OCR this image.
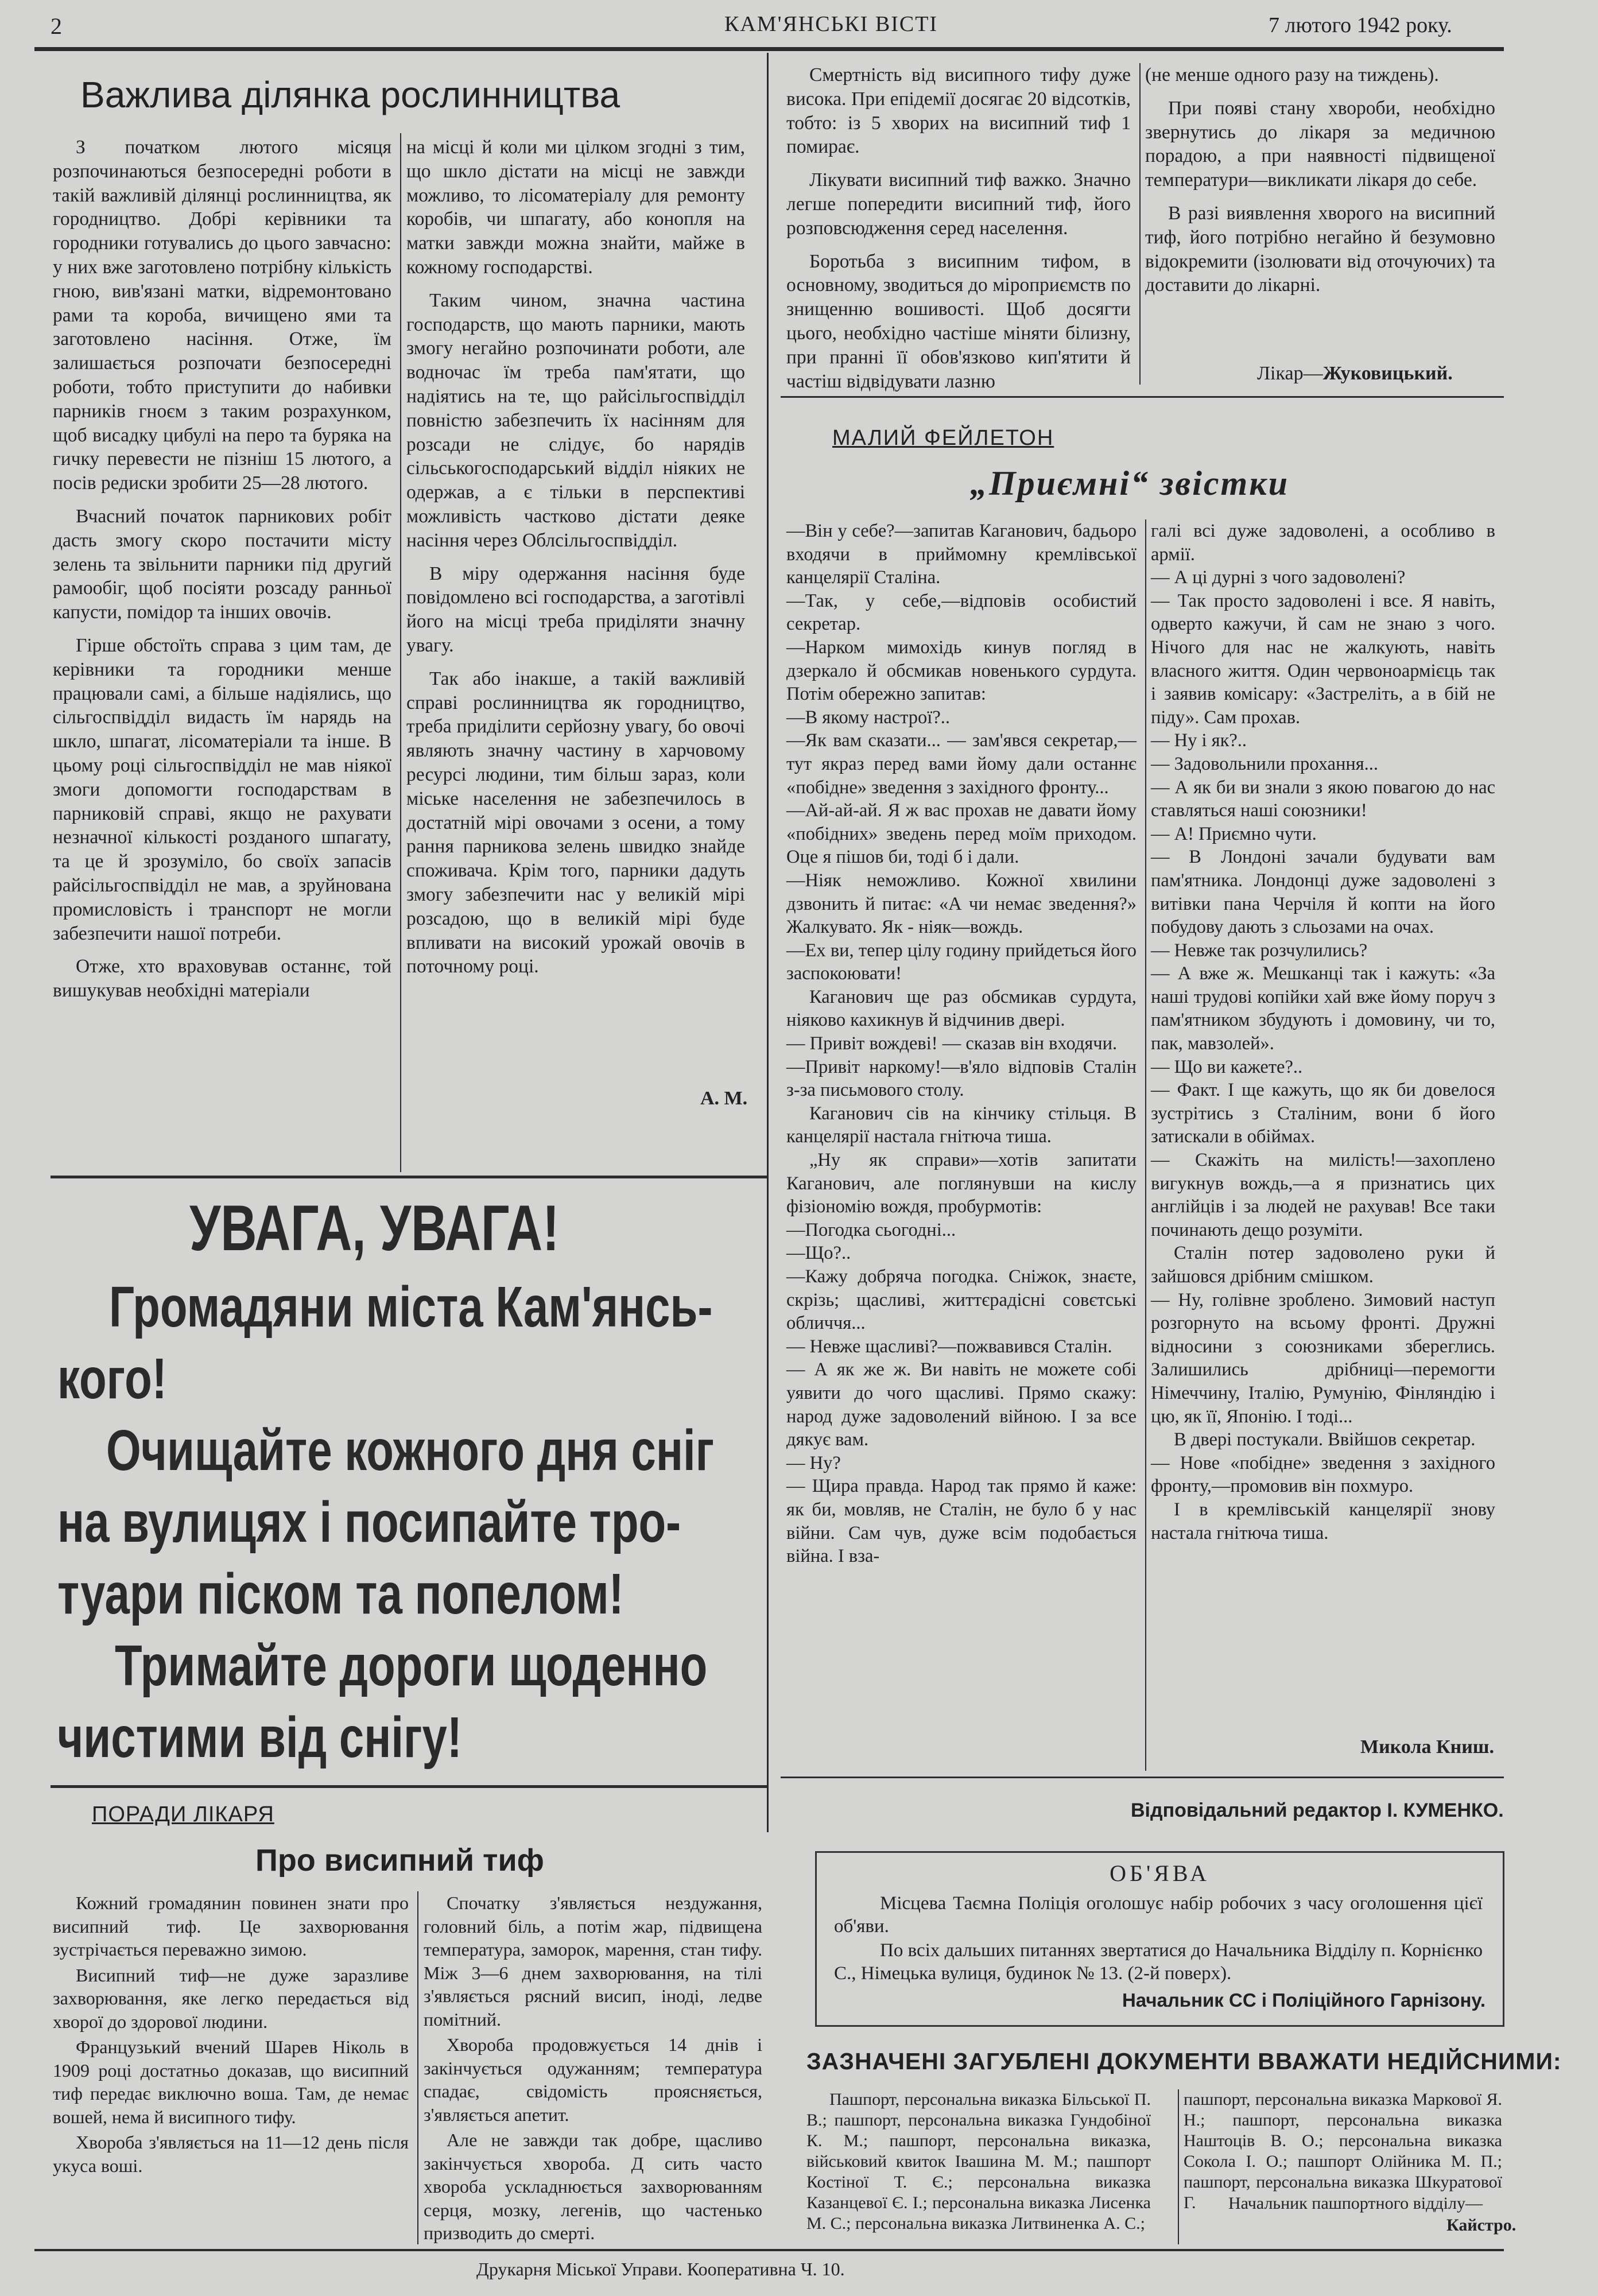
2	КАМ'ЯНСЬКІ ВІСТІ	7 лютого 1942 року.
Важлива ділянка рослинництва

З початком лютого місяця розпочинаються безпосередні роботи в такій важливій ділянці рослинництва, як городництво. Добрі керівники та городники готувались до цього завчасно: у них вже заготовлено потрібну кількість гною, вив'язані матки, відремонтовано рами та короба, вичищено ями та заготовлено насіння. Отже, їм залишається розпочати безпосередні роботи, тобто приступити до набивки парників гноєм з таким розрахунком, щоб висадку цибулі на перо та буряка на гичку перевести не пізніш 15 лютого, а посів редиски зробити 25—28 лютого.

Вчасний початок парникових робіт дасть змогу скоро постачити місту зелень та звільнити парники під другий рамообіг, щоб посіяти розсаду ранньої капусти, помідор та інших овочів.

Гірше обстоїть справа з цим там, де керівники та городники менше працювали самі, а більше надіялись, що сільгоспвідділ видасть їм нарядь на шкло, шпагат, лісоматеріали та інше. В цьому році сільгоспвідділ не мав ніякої змоги допомогти господарствам в парниковій справі, якщо не рахувати незначної кількості розданого шпагату, та це й зрозуміло, бо своїх запасів райсільгоспвідділ не мав, а зруйнована промисловість і транспорт не могли забезпечити нашої потреби.

Отже, хто враховував останнє, той вишукував необхідні матеріали

на місці й коли ми цілком згодні з тим, що шкло дістати на місці не завжди можливо, то лісоматеріалу для ремонту коробів, чи шпагату, або конопля на матки завжди можна знайти, майже в кожному господарстві.

Таким чином, значна частина господарств, що мають парники, мають змогу негайно розпочинати роботи, але водночас їм треба пам'ятати, що надіятись на те, що райсільгоспвідділ повністю забезпечить їх насінням для розсади не слідує, бо нарядів сільськогосподарський відділ ніяких не одержав, а є тільки в перспективі можливість частково дістати деяке насіння через Облсільгоспвідділ.

В міру одержання насіння буде повідомлено всі господарства, а заготівлі його на місці треба приділяти значну увагу.

Так або інакше, а такій важливій справі рослинництва як городництво, треба приділити серйозну увагу, бо овочі являють значну частину в харчовому ресурсі людини, тим більш зараз, коли міське населення не забезпечилось в достатній мірі овочами з осени, а тому рання парникова зелень швидко знайде споживача. Крім того, парники дадуть змогу забезпечити нас у великій мірі розсадою, що в великій мірі буде впливати на високий урожай овочів в поточному році.

А. М.

Смертність від висипного тифу дуже висока. При епідемії досягає 20 відсотків, тобто: із 5 хворих на висипний тиф 1 помирає.

Лікувати висипний тиф важко. Значно легше попередити висипний тиф, його розповсюдження серед населення.

Боротьба з висипним тифом, в основному, зводиться до міроприємств по знищенню вошивості. Щоб досягти цього, необхідно частіше міняти білизну, при пранні її обов'язково кип'ятити й частіш відвідувати лазню

(не менше одного разу на тиждень).

При появі стану хвороби, необхідно звернутись до лікаря за медичною порадою, а при наявності підвищеної температури—викликати лікаря до себе.

В разі виявлення хворого на висипний тиф, його потрібно негайно й безумовно відокремити (ізолювати від оточуючих) та доставити до лікарні.

Лікар—Жуковицький.
МАЛИЙ ФЕЙЛЕТОН
„Приємні“ звістки

—Він у себе?—запитав Каганович, бадьоро входячи в приймомну кремлівської канцелярії Сталіна.

—Так, у себе,—відповів особистий секретар.

—Нарком мимохідь кинув погляд в дзеркало й обсмикав новенького сурдута. Потім обережно запитав:

—В якому настрої?..

—Як вам сказати... — зам'явся секретар,—тут якраз перед вами йому дали останнє «побідне» зведення з західного фронту...

—Ай-ай-ай. Я ж вас прохав не давати йому «побідних» зведень перед моїм приходом. Оце я пішов би, тоді б і дали.

—Ніяк неможливо. Кожної хвилини дзвонить й питає: «А чи немає зведення?» Жалкувато. Як - ніяк—вождь.

—Ех ви, тепер цілу годину прийдеться його заспокоювати!

Каганович ще раз обсмикав сурдута, ніяково кахикнув й відчинив двері.

— Привіт вождеві! — сказав він входячи.

—Привіт наркому!—в'яло відповів Сталін з-за письмового столу.

Каганович сів на кінчику стільця. В канцелярії настала гнітюча тиша.

„Ну як справи»—хотів запитати Каганович, але поглянувши на кислу фізіономію вождя, пробурмотів:

—Погодка сьогодні...

—Що?..

—Кажу добряча погодка. Сніжок, знаєте, скрізь; щасливі, життєрадісні совєтські обличчя...

— Невже щасливі?—пожвавився Сталін.

— А як же ж. Ви навіть не можете собі уявити до чого щасливі. Прямо скажу: народ дуже задоволений війною. І за все дякує вам.

— Ну?

— Щира правда. Народ так прямо й каже: як би, мовляв, не Сталін, не було б у нас війни. Сам чув, дуже всім подобається війна. І вза-

галі всі дуже задоволені, а особливо в армії.

— А ці дурні з чого задоволені?

— Так просто задоволені і все. Я навіть, одверто кажучи, й сам не знаю з чого. Нічого для нас не жалкують, навіть власного життя. Один червоноармієць так і заявив комісару: «Застреліть, а в бій не піду». Сам прохав.

— Ну і як?..

— Задовольнили прохання...

— А як би ви знали з якою повагою до нас ставляться наші союзники!

— А! Приємно чути.

— В Лондоні зачали будувати вам пам'ятника. Лондонці дуже задоволені з витівки пана Черчіля й копти на його побудову дають з сльозами на очах.

— Невже так розчулились?

— А вже ж. Мешканці так і кажуть: «За наші трудові копійки хай вже йому поруч з пам'ятником збудують і домовину, чи то, пак, мавзолей».

— Що ви кажете?..

— Факт. І ще кажуть, що як би довелося зустрітись з Сталіним, вони б його затискали в обіймах.

— Скажіть на милість!—захоплено вигукнув вождь,—а я признатись цих англійців і за людей не рахував! Все таки починають дещо розуміти.

Сталін потер задоволено руки й зайшовся дрібним смішком.

— Ну, голівне зроблено. Зимовий наступ розгорнуто на всьому фронті. Дружні відносини з союзниками збереглись. Залишились дрібниці—перемогти Німеччину, Італію, Румунію, Фінляндію і цю, як її, Японію. І тоді...

В двері постукали. Ввійшов секретар.

— Нове «побідне» зведення з західного фронту,—промовив він похмуро.

І в кремлівській канцелярії знову настала гнітюча тиша.

Микола Книш.
УВАГА, УВАГА!
Громадяни міста Кам'янсь-
кого!
Очищайте кожного дня сніг
на вулицях і посипайте тро-
туари піском та попелом!
Тримайте дороги щоденно
чистими від снігу!
ПОРАДИ ЛІКАРЯ
Про висипний тиф

Кожний громадянин повинен знати про висипний тиф. Це захворювання зустрічається переважно зимою.

Висипний тиф—не дуже заразливе захворювання, яке легко передається від хворої до здорової людини.

Французький вчений Шарев Ніколь в 1909 році достатньо доказав, що висипний тиф передає виключно воша. Там, де немає вошей, нема й висипного тифу.

Хвороба з'являється на 11—12 день після укуса воші.

Спочатку з'являється нездужання, головний біль, а потім жар, підвищена температура, заморок, марення, стан тифу. Між 3—6 днем захворювання, на тілі з'являється рясний висип, іноді, ледве помітний.

Хвороба продовжується 14 днів і закінчується одужанням; температура спадає, свідомість проясняється, з'являється апетит.

Але не завжди так добре, щасливо закінчується хвороба. Д сить часто хвороба ускладнюється захворюванням серця, мозку, легенів, що частенько призводить до смерті.

Відповідальний редактор І. КУМЕНКО.
ОБ'ЯВА
Місцева Таємна Поліція оголошує набір робочих з часу оголошення цієї об'яви.
По всіх дальших питаннях звертатися до Начальника Відділу п. Корнієнко С., Німецька вулиця, будинок № 13. (2-й поверх).
Начальник СС і Поліційного Гарнізону.
ЗАЗНАЧЕНІ ЗАГУБЛЕНІ ДОКУМЕНТИ ВВАЖАТИ НЕДІЙСНИМИ:
Пашпорт, персональна виказка Більської П. В.; пашпорт, персональна виказка Гундобіної К. М.; пашпорт, персональна виказка, військовий квиток Івашина М. М.; пашпорт Костіної Т. Є.; персональна виказка Казанцевої Є. І.; персональна виказка Лисенка М. С.; персональна виказка Литвиненка А. С.;
пашпорт, персональна виказка Маркової Я. Н.; пашпорт, персональна виказка Наштоців В. О.; персональна виказка Сокола І. О.; пашпорт Олійника М. П.; пашпорт, персональна виказка Шкуратової Г.	Начальник пашпортного відділу—
Кайстро.
Друкарня Міської Управи. Кооперативна Ч. 10.
